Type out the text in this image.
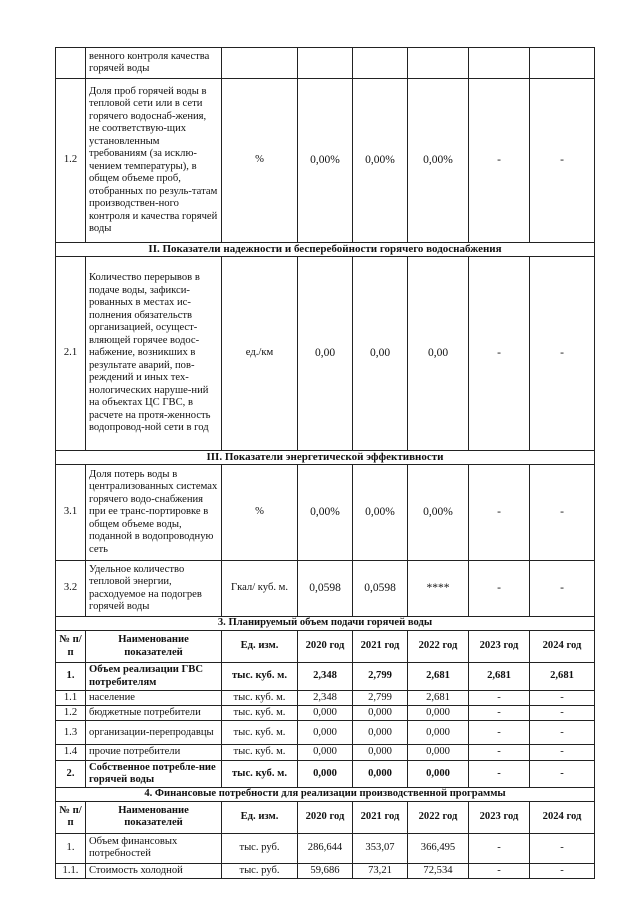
	венного контроля качества горячей воды						
1.2	Доля проб горячей воды в тепловой сети или в сети горячего водоснаб-жения, не соответствую-щих установленным требованиям (за исклю-чением температуры), в общем объеме проб, отобранных по резуль-татам производствен-ного контроля и качества горячей воды	%	0,00%	0,00%	0,00%	-	-
II. Показатели надежности и бесперебойности горячего водоснабжения							
2.1	Количество перерывов в подаче воды, зафикси-рованных в местах ис-полнения обязательств организацией, осущест-вляющей горячее водос-набжение, возникших в результате аварий, пов-реждений и иных тех-нологических наруше-ний на объектах ЦС ГВС, в расчете на протя-женность водопровод-ной сети в год	ед./км	0,00	0,00	0,00	-	-
III. Показатели энергетической эффективности							
3.1	Доля потерь воды в централизованных системах горячего водо-снабжения при ее транс-портировке в общем объеме воды, поданной в водопроводную сеть	%	0,00%	0,00%	0,00%	-	-
3.2	Удельное количество тепловой энергии, расходуемое на подогрев горячей воды	Гкал/ куб. м.	0,0598	0,0598	****	-	-
3. Планируемый объем подачи горячей воды							
№ п/п	Наименование показателей	Ед. изм.	2020 год	2021 год	2022 год	2023 год	2024 год
1.	Объем реализации ГВС потребителям	тыс. куб. м.	2,348	2,799	2,681	2,681	2,681
1.1	население	тыс. куб. м.	2,348	2,799	2,681	-	-
1.2	бюджетные потребители	тыс. куб. м.	0,000	0,000	0,000	-	-
1.3	организации-перепродавцы	тыс. куб. м.	0,000	0,000	0,000	-	-
1.4	прочие потребители	тыс. куб. м.	0,000	0,000	0,000	-	-
2.	Собственное потребле-ние горячей воды	тыс. куб. м.	0,000	0,000	0,000	-	-
4. Финансовые потребности для реализации производственной программы							
№ п/п	Наименование показателей	Ед. изм.	2020 год	2021 год	2022 год	2023 год	2024 год
1.	Объем финансовых потребностей	тыс. руб.	286,644	353,07	366,495	-	-
1.1.	Стоимость холодной	тыс. руб.	59,686	73,21	72,534	-	-
